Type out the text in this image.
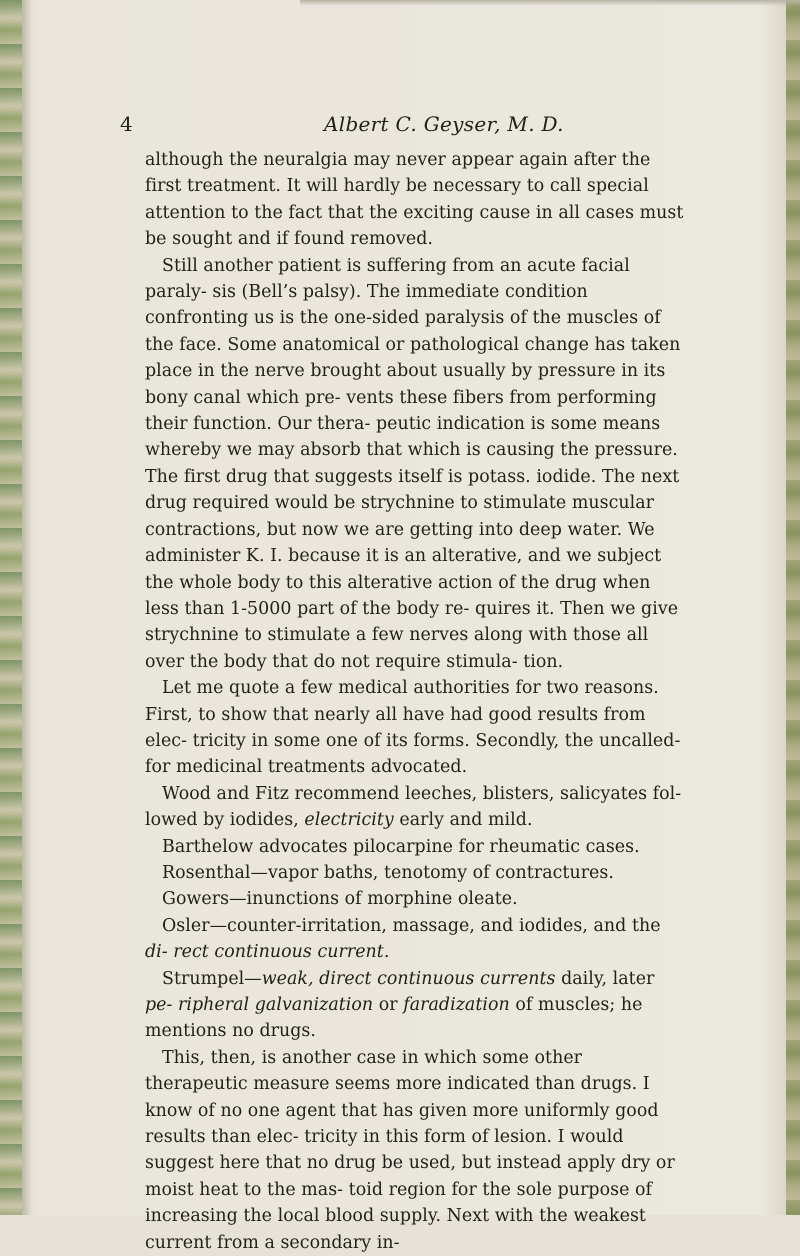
4	Albert C. Geyser, M. D.

although the neuralgia may never appear again after the first treatment. It will hardly be necessary to call special attention to the fact that the exciting cause in all cases must be sought and if found removed.

Still another patient is suffering from an acute facial paraly- sis (Bell’s palsy). The immediate condition confronting us is the one-sided paralysis of the muscles of the face. Some anatomical or pathological change has taken place in the nerve brought about usually by pressure in its bony canal which pre- vents these fibers from performing their function. Our thera- peutic indication is some means whereby we may absorb that which is causing the pressure. The first drug that suggests itself is potass. iodide. The next drug required would be strychnine to stimulate muscular contractions, but now we are getting into deep water. We administer K. I. because it is an alterative, and we subject the whole body to this alterative action of the drug when less than 1-5000 part of the body re- quires it. Then we give strychnine to stimulate a few nerves along with those all over the body that do not require stimula- tion.

Let me quote a few medical authorities for two reasons. First, to show that nearly all have had good results from elec- tricity in some one of its forms. Secondly, the uncalled-for medicinal treatments advocated.

Wood and Fitz recommend leeches, blisters, salicyates fol- lowed by iodides, electricity early and mild.

Barthelow advocates pilocarpine for rheumatic cases.

Rosenthal—vapor baths, tenotomy of contractures.

Gowers—inunctions of morphine oleate.

Osler—counter-irritation, massage, and iodides, and the di- rect continuous current.

Strumpel—weak, direct continuous currents daily, later pe- ripheral galvanization or faradization of muscles; he mentions no drugs.

This, then, is another case in which some other therapeutic measure seems more indicated than drugs. I know of no one agent that has given more uniformly good results than elec- tricity in this form of lesion. I would suggest here that no drug be used, but instead apply dry or moist heat to the mas- toid region for the sole purpose of increasing the local blood supply. Next with the weakest current from a secondary in-
